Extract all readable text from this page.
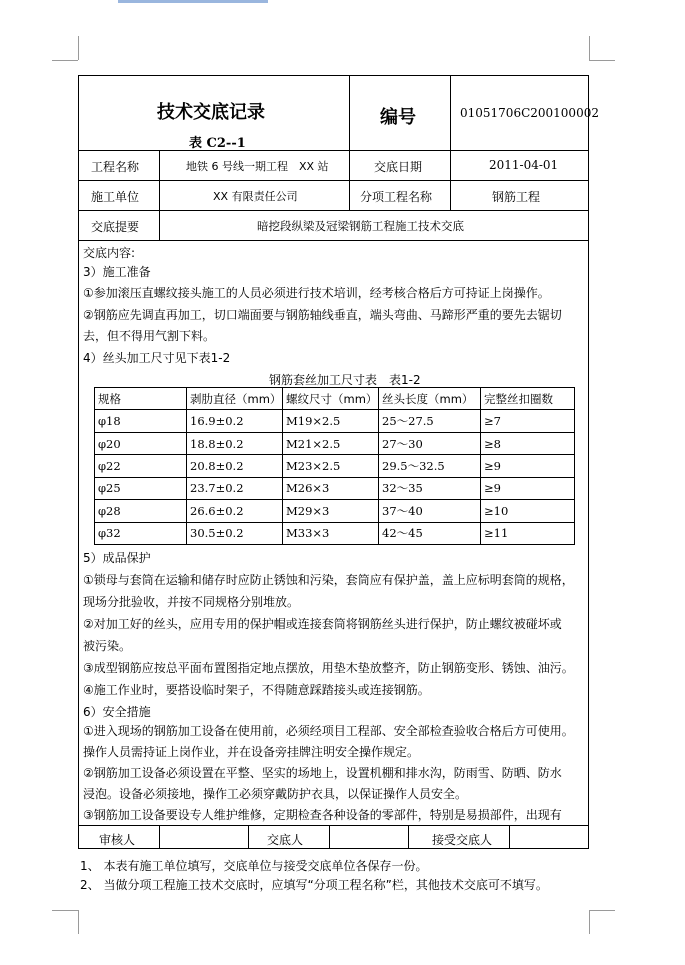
技术交底记录
表 C2--1
编号	01051706C200100002
工程名称	地铁 6 号线一期工程　XX 站	交底日期	2011-04-01
施工单位	XX 有限责任公司	分项工程名称	钢筋工程
交底提要	暗挖段纵梁及冠梁钢筋工程施工技术交底
交底内容:
3）施工准备
①参加滚压直螺纹接头施工的人员必须进行技术培训，经考核合格后方可持证上岗操作。
②钢筋应先调直再加工，切口端面要与钢筋轴线垂直，端头弯曲、马蹄形严重的要先去锯切
去，但不得用气割下料。
4）丝头加工尺寸见下表1-2
钢筋套丝加工尺寸表　表1-2
规格	剥肋直径（mm）	螺纹尺寸（mm）	丝头长度（mm）	完整丝扣圈数
φ18	16.9±0.2	M19×2.5	25～27.5	≥7
φ20	18.8±0.2	M21×2.5	27～30	≥8
φ22	20.8±0.2	M23×2.5	29.5～32.5	≥9
φ25	23.7±0.2	M26×3	32～35	≥9
φ28	26.6±0.2	M29×3	37～40	≥10
φ32	30.5±0.2	M33×3	42～45	≥11
5）成品保护
①锁母与套筒在运输和储存时应防止锈蚀和污染，套筒应有保护盖，盖上应标明套筒的规格，
现场分批验收，并按不同规格分别堆放。
②对加工好的丝头，应用专用的保护帽或连接套筒将钢筋丝头进行保护，防止螺纹被碰坏或
被污染。
③成型钢筋应按总平面布置图指定地点摆放，用垫木垫放整齐，防止钢筋变形、锈蚀、油污。
④施工作业时，要搭设临时架子，不得随意踩踏接头或连接钢筋。
6）安全措施
①进入现场的钢筋加工设备在使用前，必须经项目工程部、安全部检查验收合格后方可使用。
操作人员需持证上岗作业，并在设备旁挂牌注明安全操作规定。
②钢筋加工设备必须设置在平整、坚实的场地上，设置机棚和排水沟，防雨雪、防晒、防水
浸泡。设备必须接地，操作工必须穿戴防护衣具，以保证操作人员安全。
③钢筋加工设备要设专人维护维修，定期检查各种设备的零部件，特别是易损部件，出现有
审核人	交底人	接受交底人
1、 本表有施工单位填写，交底单位与接受交底单位各保存一份。
2、 当做分项工程施工技术交底时，应填写“分项工程名称”栏，其他技术交底可不填写。
